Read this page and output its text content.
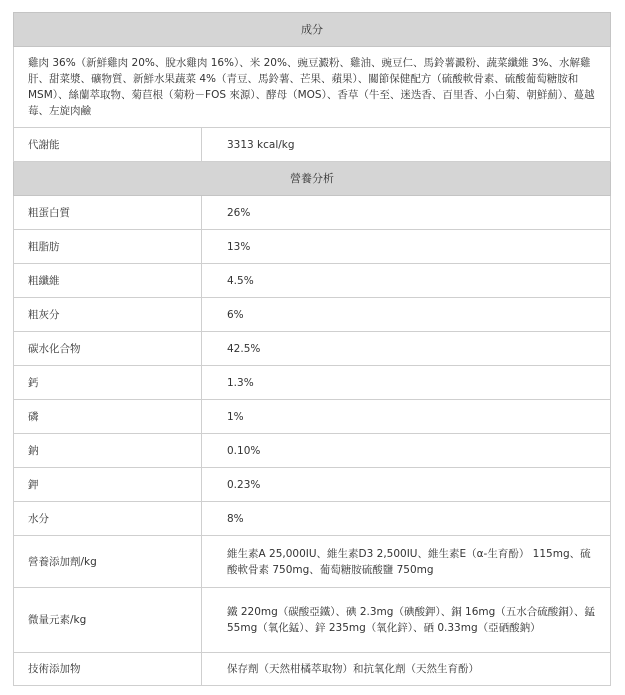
成分	
雞肉 36%（新鮮雞肉 20%、脫水雞肉 16%）、米 20%、豌豆澱粉、雞油、豌豆仁、馬鈴薯澱粉、蔬菜纖維 3%、水解雞肝、甜菜漿、礦物質、新鮮水果蔬菜 4%（青豆、馬鈴薯、芒果、蘋果）、關節保健配方（硫酸軟骨素、硫酸葡萄糖胺和MSM）、絲蘭萃取物、菊苣根（菊粉－FOS 來源）、酵母（MOS）、香草（牛至、迷迭香、百里香、小白菊、朝鮮薊）、蔓越莓、左旋肉鹼	
代謝能	3313 kcal/kg
營養分析	
粗蛋白質	26%
粗脂肪	13%
粗纖維	4.5%
粗灰分	6%
碳水化合物	42.5%
鈣	1.3%
磷	1%
鈉	0.10%
鉀	0.23%
水分	8%
營養添加劑/kg	維生素A 25,000IU、維生素D3 2,500IU、維生素E（α-生育酚） 115mg、硫酸軟骨素 750mg、葡萄糖胺硫酸鹽 750mg
微量元素/kg	鐵 220mg（碳酸亞鐵）、碘 2.3mg（碘酸鉀）、銅 16mg（五水合硫酸銅）、錳 55mg（氧化錳）、鋅 235mg（氧化鋅）、硒 0.33mg（亞硒酸鈉）
技術添加物	保存劑（天然柑橘萃取物）和抗氧化劑（天然生育酚）
